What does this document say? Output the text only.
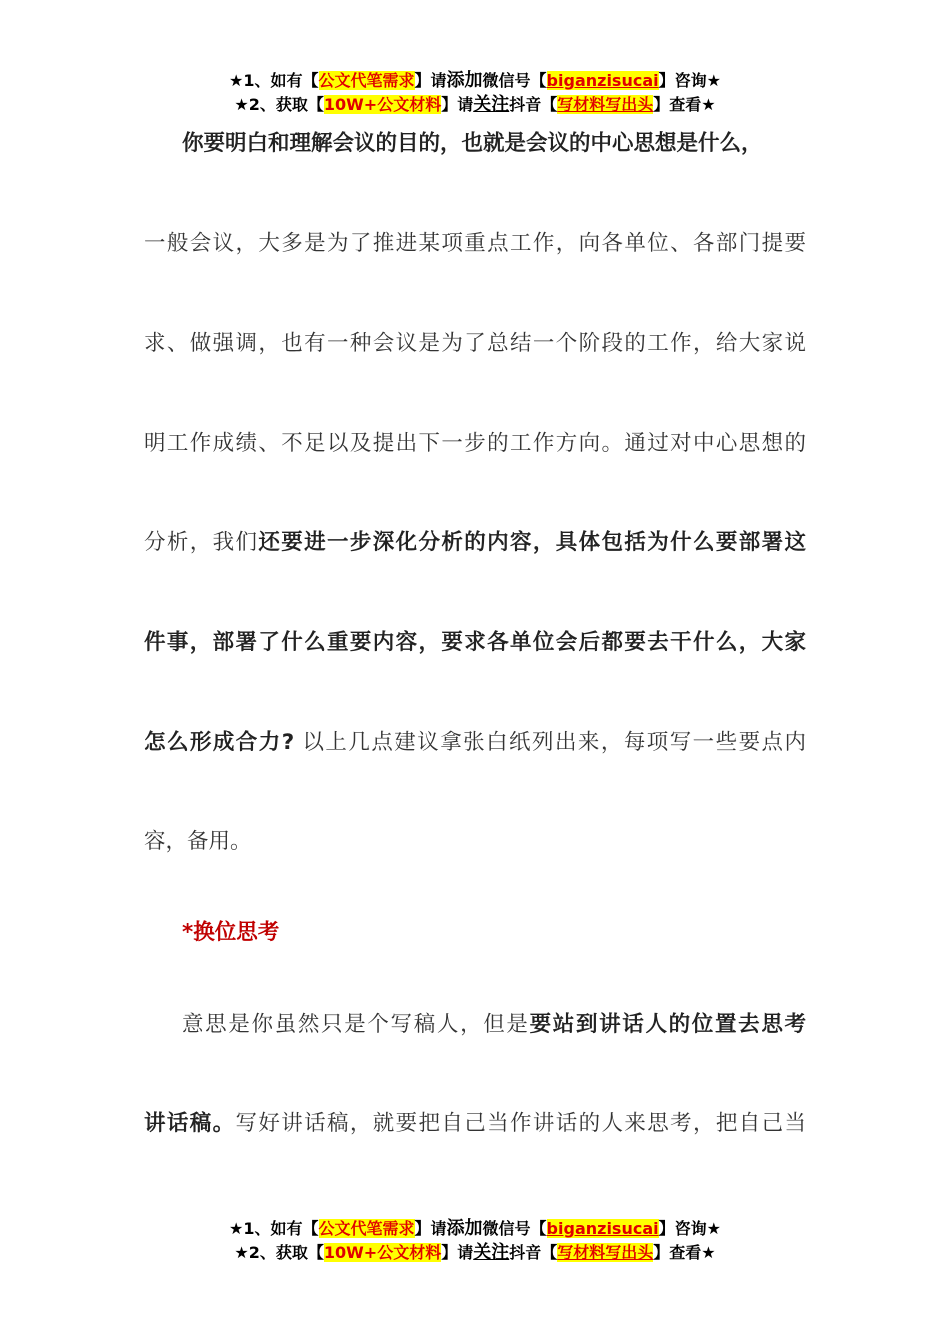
★1、如有【公文代笔需求】请添加微信号【biganzisucai】咨询★
★2、获取【10W+公文材料】请关注抖音【写材料写出头】查看★
你要明白和理解会议的目的，也就是会议的中心思想是什么，
一般会议，大多是为了推进某项重点工作，向各单位、各部门提要
求、做强调，也有一种会议是为了总结一个阶段的工作，给大家说
明工作成绩、不足以及提出下一步的工作方向。通过对中心思想的
分析，我们还要进一步深化分析的内容，具体包括为什么要部署这
件事，部署了什么重要内容，要求各单位会后都要去干什么，大家
怎么形成合力? 以上几点建议拿张白纸列出来，每项写一些要点内
容，备用。
*换位思考
意思是你虽然只是个写稿人，但是要站到讲话人的位置去思考
讲话稿。写好讲话稿，就要把自己当作讲话的人来思考，把自己当
★1、如有【公文代笔需求】请添加微信号【biganzisucai】咨询★
★2、获取【10W+公文材料】请关注抖音【写材料写出头】查看★
